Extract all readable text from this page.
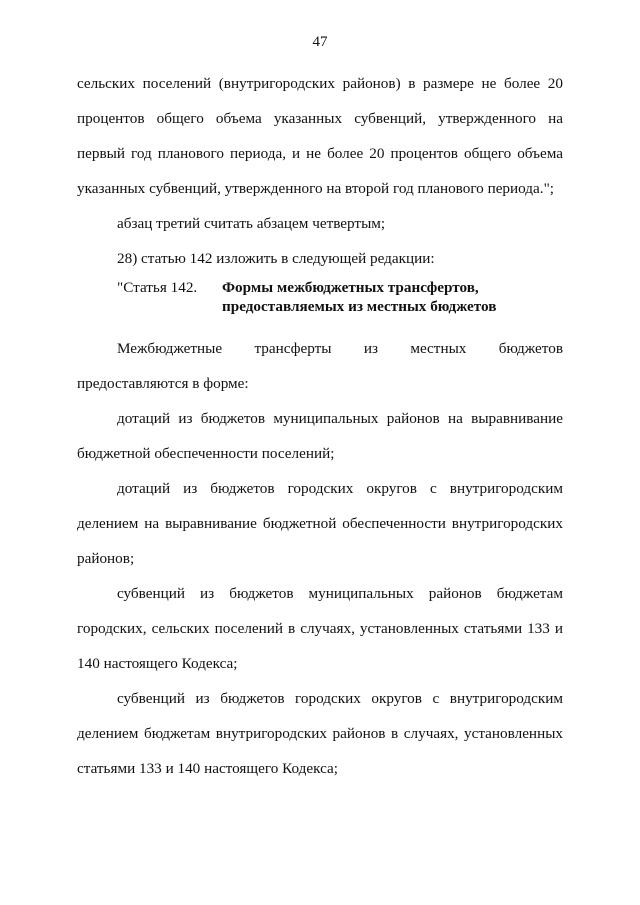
47

сельских поселений (внутригородских районов) в размере не более 20 процентов общего объема указанных субвенций, утвержденного на первый год планового периода, и не более 20 процентов общего объема указанных субвенций, утвержденного на второй год планового периода.";

абзац третий считать абзацем четвертым;

28) статью 142 изложить в следующей редакции:

"Статья 142.	Формы межбюджетных трансфертов,
предоставляемых из местных бюджетов

Межбюджетные трансферты из местных бюджетов предоставляются в форме:

дотаций из бюджетов муниципальных районов на выравнивание бюджетной обеспеченности поселений;

дотаций из бюджетов городских округов с внутригородским делением на выравнивание бюджетной обеспеченности внутригородских районов;

субвенций из бюджетов муниципальных районов бюджетам городских, сельских поселений в случаях, установленных статьями 133 и 140 настоящего Кодекса;

субвенций из бюджетов городских округов с внутригородским делением бюджетам внутригородских районов в случаях, установленных статьями 133 и 140 настоящего Кодекса;
